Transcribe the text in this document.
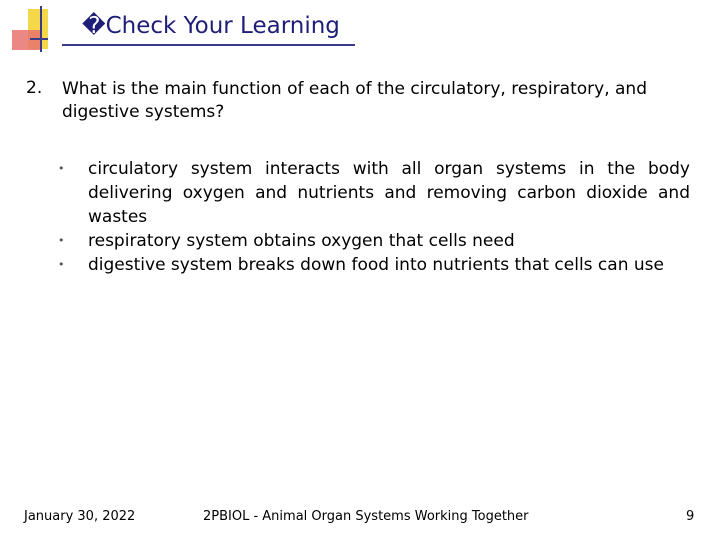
�Check Your Learning
2. What is the main function of each of the circulatory, respiratory, and digestive systems?
• circulatory system interacts with all organ systems in the body delivering oxygen and nutrients and removing carbon dioxide and wastes
• respiratory system obtains oxygen that cells need
• digestive system breaks down food into nutrients that cells can use
January 30, 2022	2PBIOL - Animal Organ Systems Working Together	9
